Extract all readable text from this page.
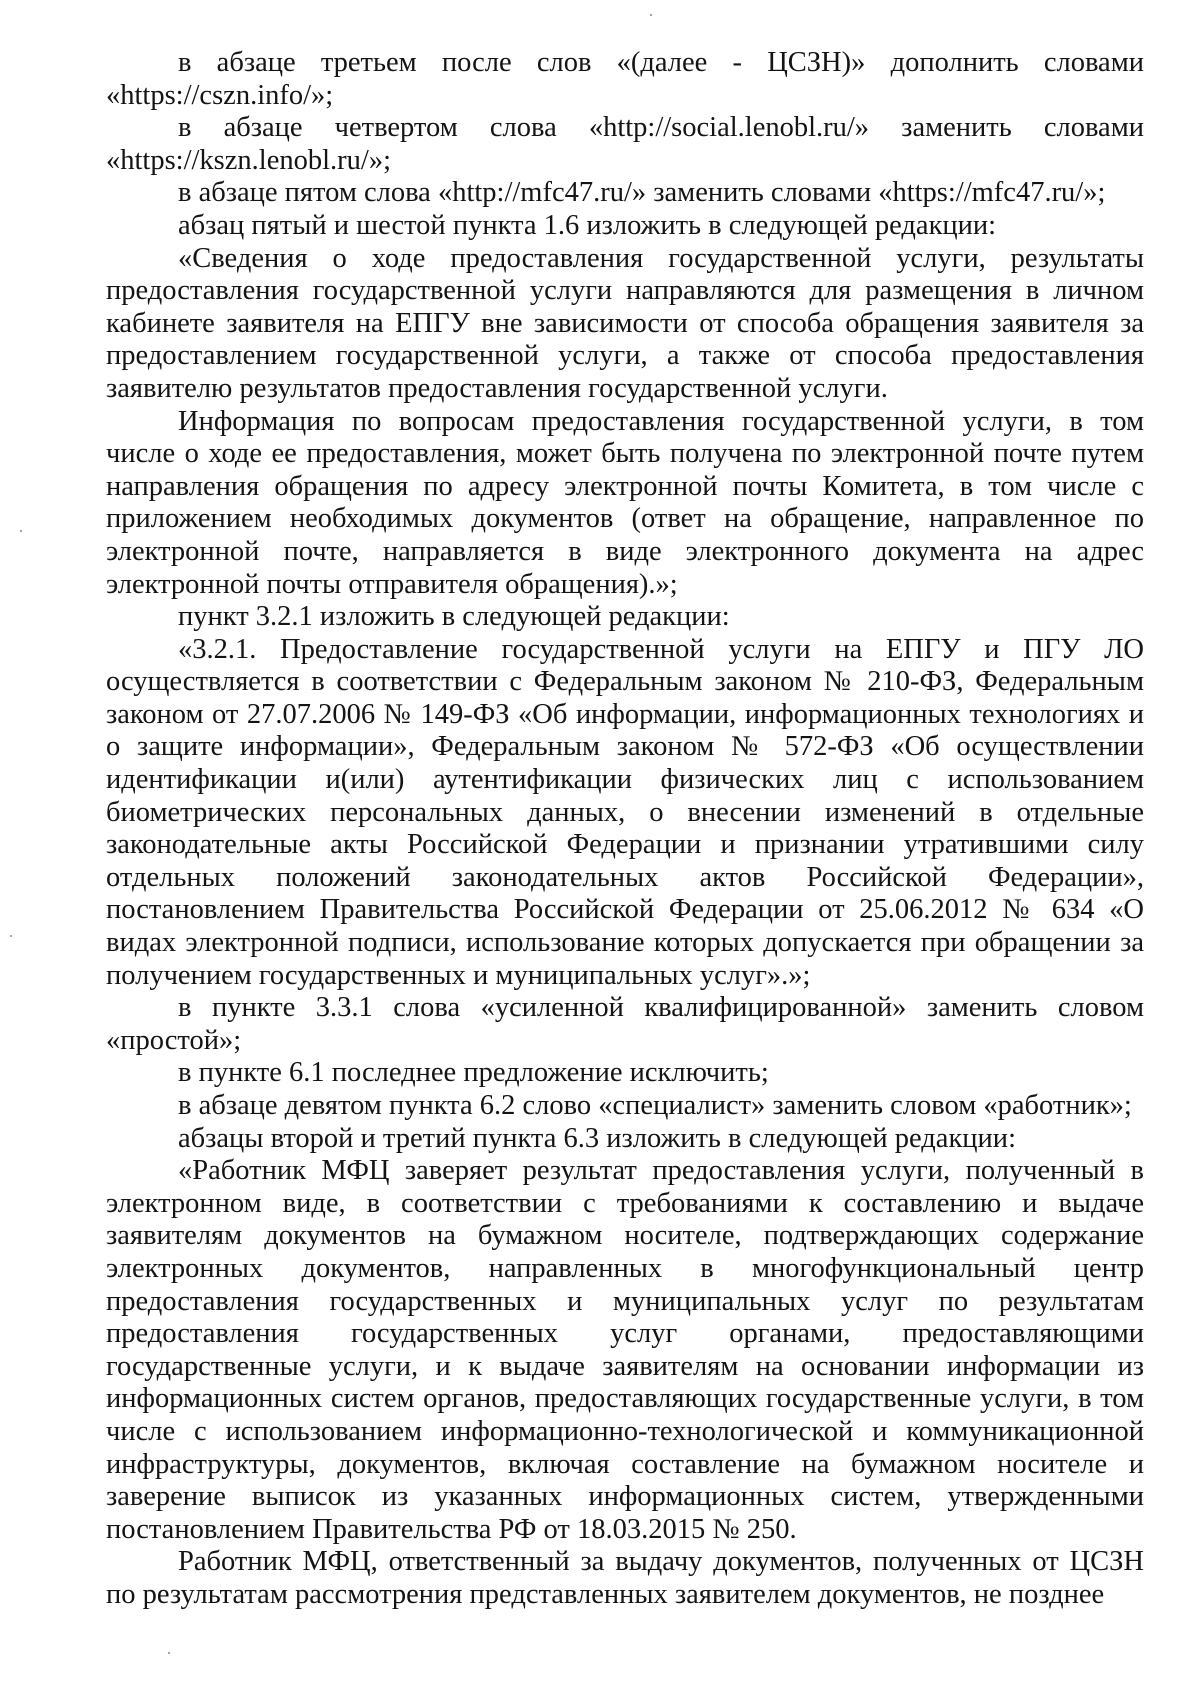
в абзаце третьем после слов «(далее - ЦСЗН)» дополнить словами «https://cszn.info/»;

в абзаце четвертом слова «http://social.lenobl.ru/» заменить словами «https://kszn.lenobl.ru/»;

в абзаце пятом слова «http://mfc47.ru/» заменить словами «https://mfc47.ru/»;

абзац пятый и шестой пункта 1.6 изложить в следующей редакции:

«Сведения о ходе предоставления государственной услуги, результаты предоставления государственной услуги направляются для размещения в личном кабинете заявителя на ЕПГУ вне зависимости от способа обращения заявителя за предоставлением государственной услуги, а также от способа предоставления заявителю результатов предоставления государственной услуги.

Информация по вопросам предоставления государственной услуги, в том числе о ходе ее предоставления, может быть получена по электронной почте путем направления обращения по адресу электронной почты Комитета, в том числе с приложением необходимых документов (ответ на обращение, направленное по электронной почте, направляется в виде электронного документа на адрес электронной почты отправителя обращения).»;

пункт 3.2.1 изложить в следующей редакции:

«3.2.1. Предоставление государственной услуги на ЕПГУ и ПГУ ЛО осуществляется в соответствии с Федеральным законом № 210-ФЗ, Федеральным законом от 27.07.2006 № 149-ФЗ «Об информации, информационных технологиях и о защите информации», Федеральным законом № 572-ФЗ «Об осуществлении идентификации и(или) аутентификации физических лиц с использованием биометрических персональных данных, о внесении изменений в отдельные законодательные акты Российской Федерации и признании утратившими силу отдельных положений законодательных актов Российской Федерации», постановлением Правительства Российской Федерации от 25.06.2012 № 634 «О видах электронной подписи, использование которых допускается при обращении за получением государственных и муниципальных услуг».»;

в пункте 3.3.1 слова «усиленной квалифицированной» заменить словом «простой»;

в пункте 6.1 последнее предложение исключить;

в абзаце девятом пункта 6.2 слово «специалист» заменить словом «работник»;

абзацы второй и третий пункта 6.3 изложить в следующей редакции:

«Работник МФЦ заверяет результат предоставления услуги, полученный в электронном виде, в соответствии с требованиями к составлению и выдаче заявителям документов на бумажном носителе, подтверждающих содержание электронных документов, направленных в многофункциональный центр предоставления государственных и муниципальных услуг по результатам предоставления государственных услуг органами, предоставляющими государственные услуги, и к выдаче заявителям на основании информации из информационных систем органов, предоставляющих государственные услуги, в том числе с использованием информационно-технологической и коммуникационной инфраструктуры, документов, включая составление на бумажном носителе и заверение выписок из указанных информационных систем, утвержденными постановлением Правительства РФ от 18.03.2015 № 250.

Работник МФЦ, ответственный за выдачу документов, полученных от ЦСЗН по результатам рассмотрения представленных заявителем документов, не позднее
